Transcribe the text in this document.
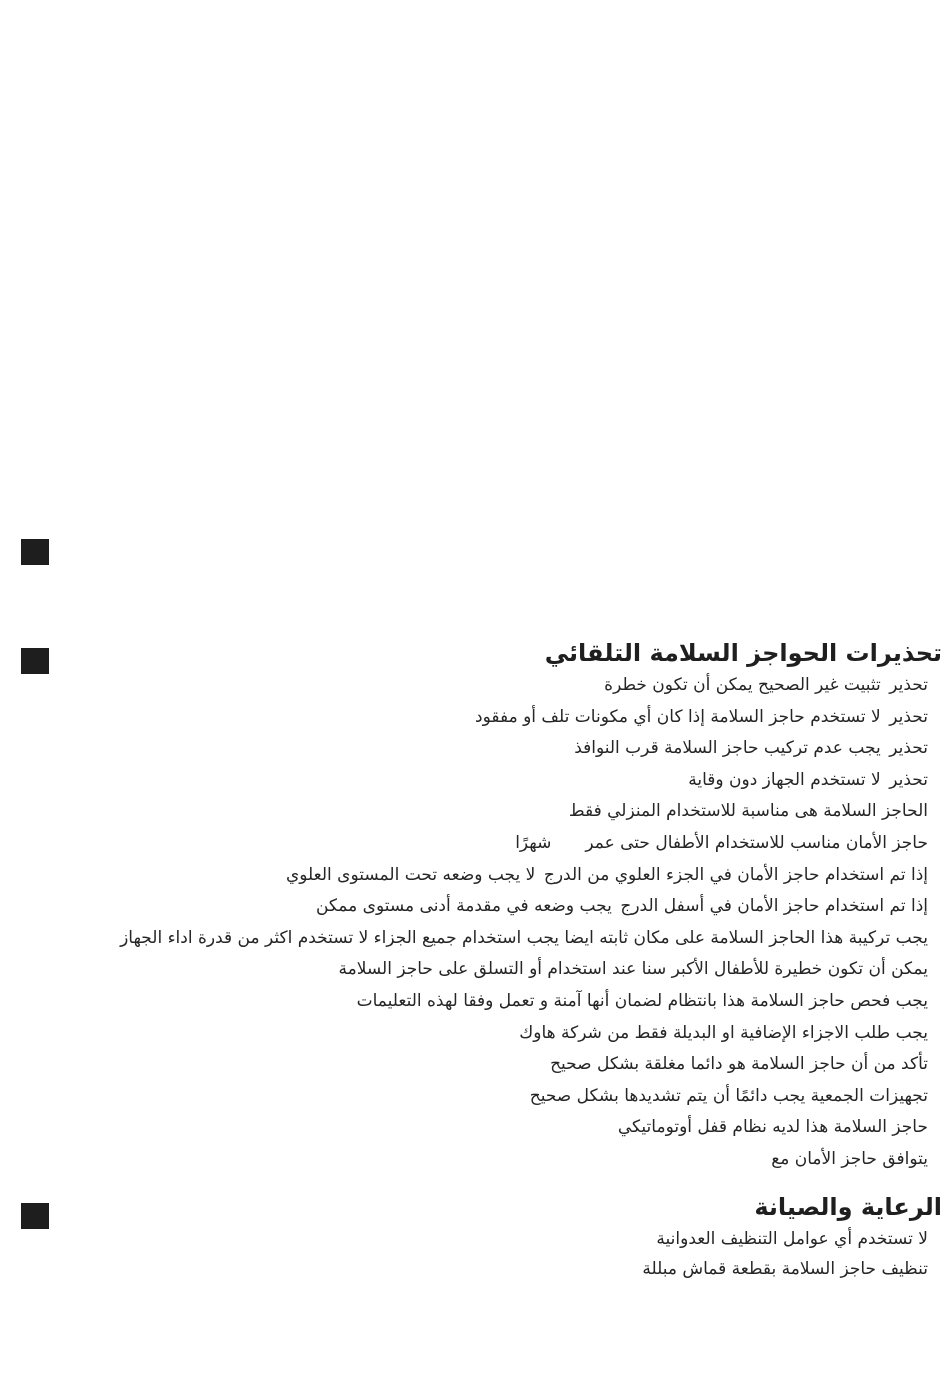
تحذيرات الحواجز السلامة التلقائي
تحذيرتثبيت غير الصحيح يمكن أن تكون خطرة
تحذيرلا تستخدم حاجز السلامة إذا كان أي مكونات تلف أو مفقود
تحذيريجب عدم تركيب حاجز السلامة قرب النوافذ
تحذيرلا تستخدم الجهاز دون وقاية
الحاجز السلامة هى مناسبة للاستخدام المنزلي فقط
حاجز الأمان مناسب للاستخدام الأطفال حتى عمرشهرًا
إذا تم استخدام حاجز الأمان في الجزء العلوي من الدرجلا يجب وضعه تحت المستوى العلوي
إذا تم استخدام حاجز الأمان في أسفل الدرجيجب وضعه في مقدمة أدنى مستوى ممكن
يجب تركيبة هذا الحاجز السلامة على مكان ثابته ايضا يجب استخدام جميع الجزاء لا تستخدم اكثر من قدرة اداء الجهاز
يمكن أن تكون خطيرة للأطفال الأكبر سنا عند استخدام أو التسلق على حاجز السلامة
يجب فحص حاجز السلامة هذا بانتظام لضمان أنها آمنة و تعمل وفقا لهذه التعليمات
يجب طلب الاجزاء الإضافية او البديلة فقط من شركة هاوك
تأكد من أن حاجز السلامة هو دائما مغلقة بشكل صحيح
تجهيزات الجمعية يجب دائمًا أن يتم تشديدها بشكل صحيح
حاجز السلامة هذا لديه نظام قفل أوتوماتيكي
يتوافق حاجز الأمان مع
الرعاية والصيانة
لا تستخدم أي عوامل التنظيف العدوانية
تنظيف حاجز السلامة بقطعة قماش مبللة
